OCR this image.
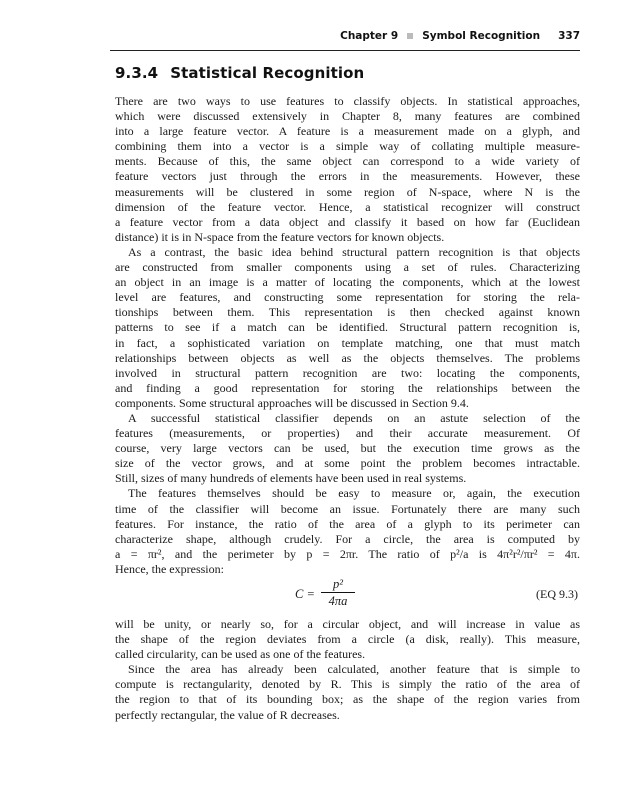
Chapter 9 Symbol Recognition 337
9.3.4 Statistical Recognition
There are two ways to use features to classify objects. In statistical approaches,
which were discussed extensively in Chapter 8, many features are combined
into a large feature vector. A feature is a measurement made on a glyph, and
combining them into a vector is a simple way of collating multiple measure-
ments. Because of this, the same object can correspond to a wide variety of
feature vectors just through the errors in the measurements. However, these
measurements will be clustered in some region of N-space, where N is the
dimension of the feature vector. Hence, a statistical recognizer will construct
a feature vector from a data object and classify it based on how far (Euclidean
distance) it is in N-space from the feature vectors for known objects.
As a contrast, the basic idea behind structural pattern recognition is that objects
are constructed from smaller components using a set of rules. Characterizing
an object in an image is a matter of locating the components, which at the lowest
level are features, and constructing some representation for storing the rela-
tionships between them. This representation is then checked against known
patterns to see if a match can be identified. Structural pattern recognition is,
in fact, a sophisticated variation on template matching, one that must match
relationships between objects as well as the objects themselves. The problems
involved in structural pattern recognition are two: locating the components,
and finding a good representation for storing the relationships between the
components. Some structural approaches will be discussed in Section 9.4.
A successful statistical classifier depends on an astute selection of the
features (measurements, or properties) and their accurate measurement. Of
course, very large vectors can be used, but the execution time grows as the
size of the vector grows, and at some point the problem becomes intractable.
Still, sizes of many hundreds of elements have been used in real systems.
The features themselves should be easy to measure or, again, the execution
time of the classifier will become an issue. Fortunately there are many such
features. For instance, the ratio of the area of a glyph to its perimeter can
characterize shape, although crudely. For a circle, the area is computed by
a = πr², and the perimeter by p = 2πr. The ratio of p²/a is 4π²r²/πr² = 4π.
Hence, the expression:
C =
p²
4πa	(EQ 9.3)
will be unity, or nearly so, for a circular object, and will increase in value as
the shape of the region deviates from a circle (a disk, really). This measure,
called circularity, can be used as one of the features.
Since the area has already been calculated, another feature that is simple to
compute is rectangularity, denoted by R. This is simply the ratio of the area of
the region to that of its bounding box; as the shape of the region varies from
perfectly rectangular, the value of R decreases.
